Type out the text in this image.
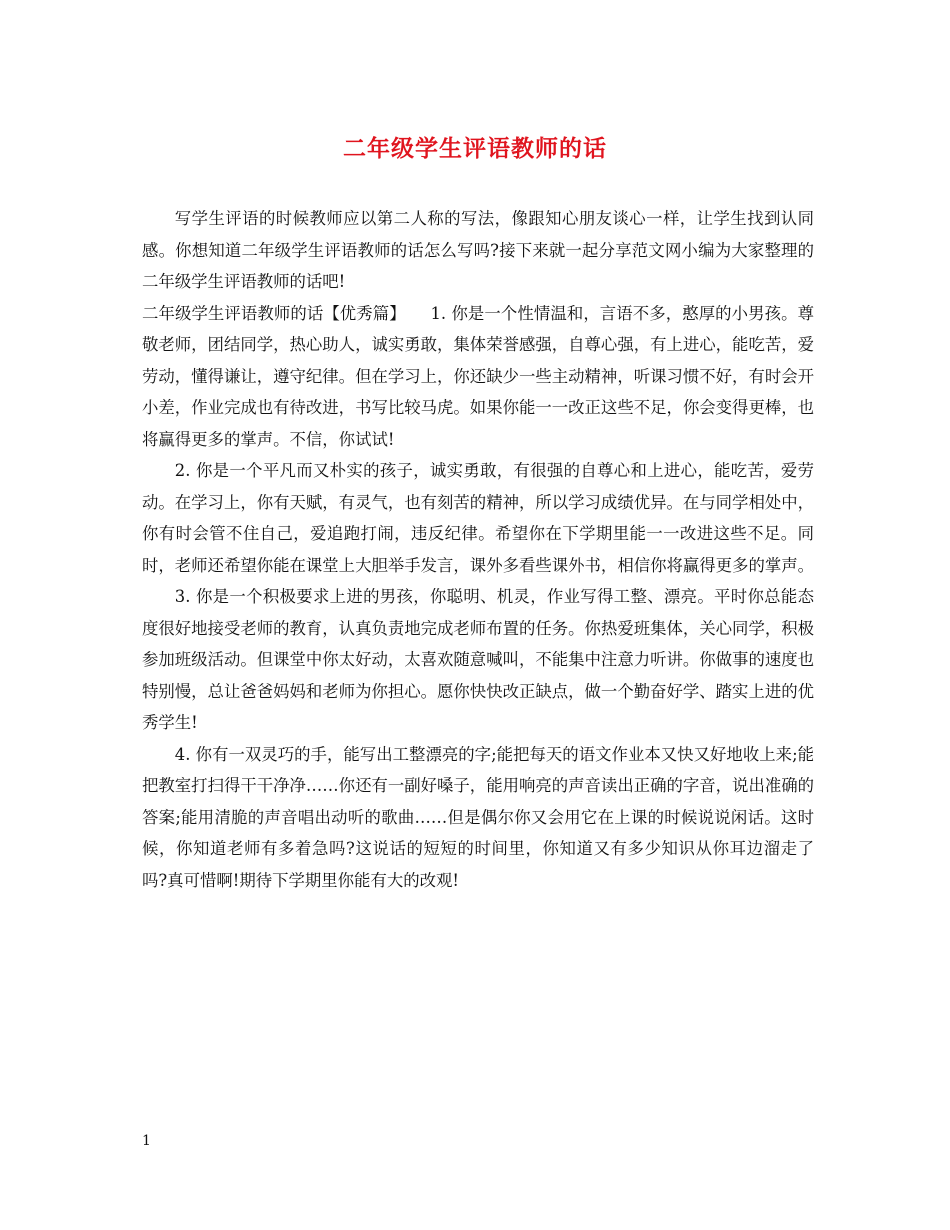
二年级学生评语教师的话

写学生评语的时候教师应以第二人称的写法，像跟知心朋友谈心一样，让学生找到认同感。你想知道二年级学生评语教师的话怎么写吗?接下来就一起分享范文网小编为大家整理的二年级学生评语教师的话吧!

二年级学生评语教师的话【优秀篇】　　1. 你是一个性情温和，言语不多，憨厚的小男孩。尊敬老师，团结同学，热心助人，诚实勇敢，集体荣誉感强，自尊心强，有上进心，能吃苦，爱劳动，懂得谦让，遵守纪律。但在学习上，你还缺少一些主动精神，听课习惯不好，有时会开小差，作业完成也有待改进，书写比较马虎。如果你能一一改正这些不足，你会变得更棒，也将赢得更多的掌声。不信，你试试!

2. 你是一个平凡而又朴实的孩子，诚实勇敢，有很强的自尊心和上进心，能吃苦，爱劳动。在学习上，你有天赋，有灵气，也有刻苦的精神，所以学习成绩优异。在与同学相处中，你有时会管不住自己，爱追跑打闹，违反纪律。希望你在下学期里能一一改进这些不足。同时，老师还希望你能在课堂上大胆举手发言，课外多看些课外书，相信你将赢得更多的掌声。

3. 你是一个积极要求上进的男孩，你聪明、机灵，作业写得工整、漂亮。平时你总能态度很好地接受老师的教育，认真负责地完成老师布置的任务。你热爱班集体，关心同学，积极参加班级活动。但课堂中你太好动，太喜欢随意喊叫，不能集中注意力听讲。你做事的速度也特别慢，总让爸爸妈妈和老师为你担心。愿你快快改正缺点，做一个勤奋好学、踏实上进的优秀学生!

4. 你有一双灵巧的手，能写出工整漂亮的字;能把每天的语文作业本又快又好地收上来;能把教室打扫得干干净净……你还有一副好嗓子，能用响亮的声音读出正确的字音，说出准确的答案;能用清脆的声音唱出动听的歌曲……但是偶尔你又会用它在上课的时候说说闲话。这时候，你知道老师有多着急吗?这说话的短短的时间里，你知道又有多少知识从你耳边溜走了吗?真可惜啊!期待下学期里你能有大的改观!

1
